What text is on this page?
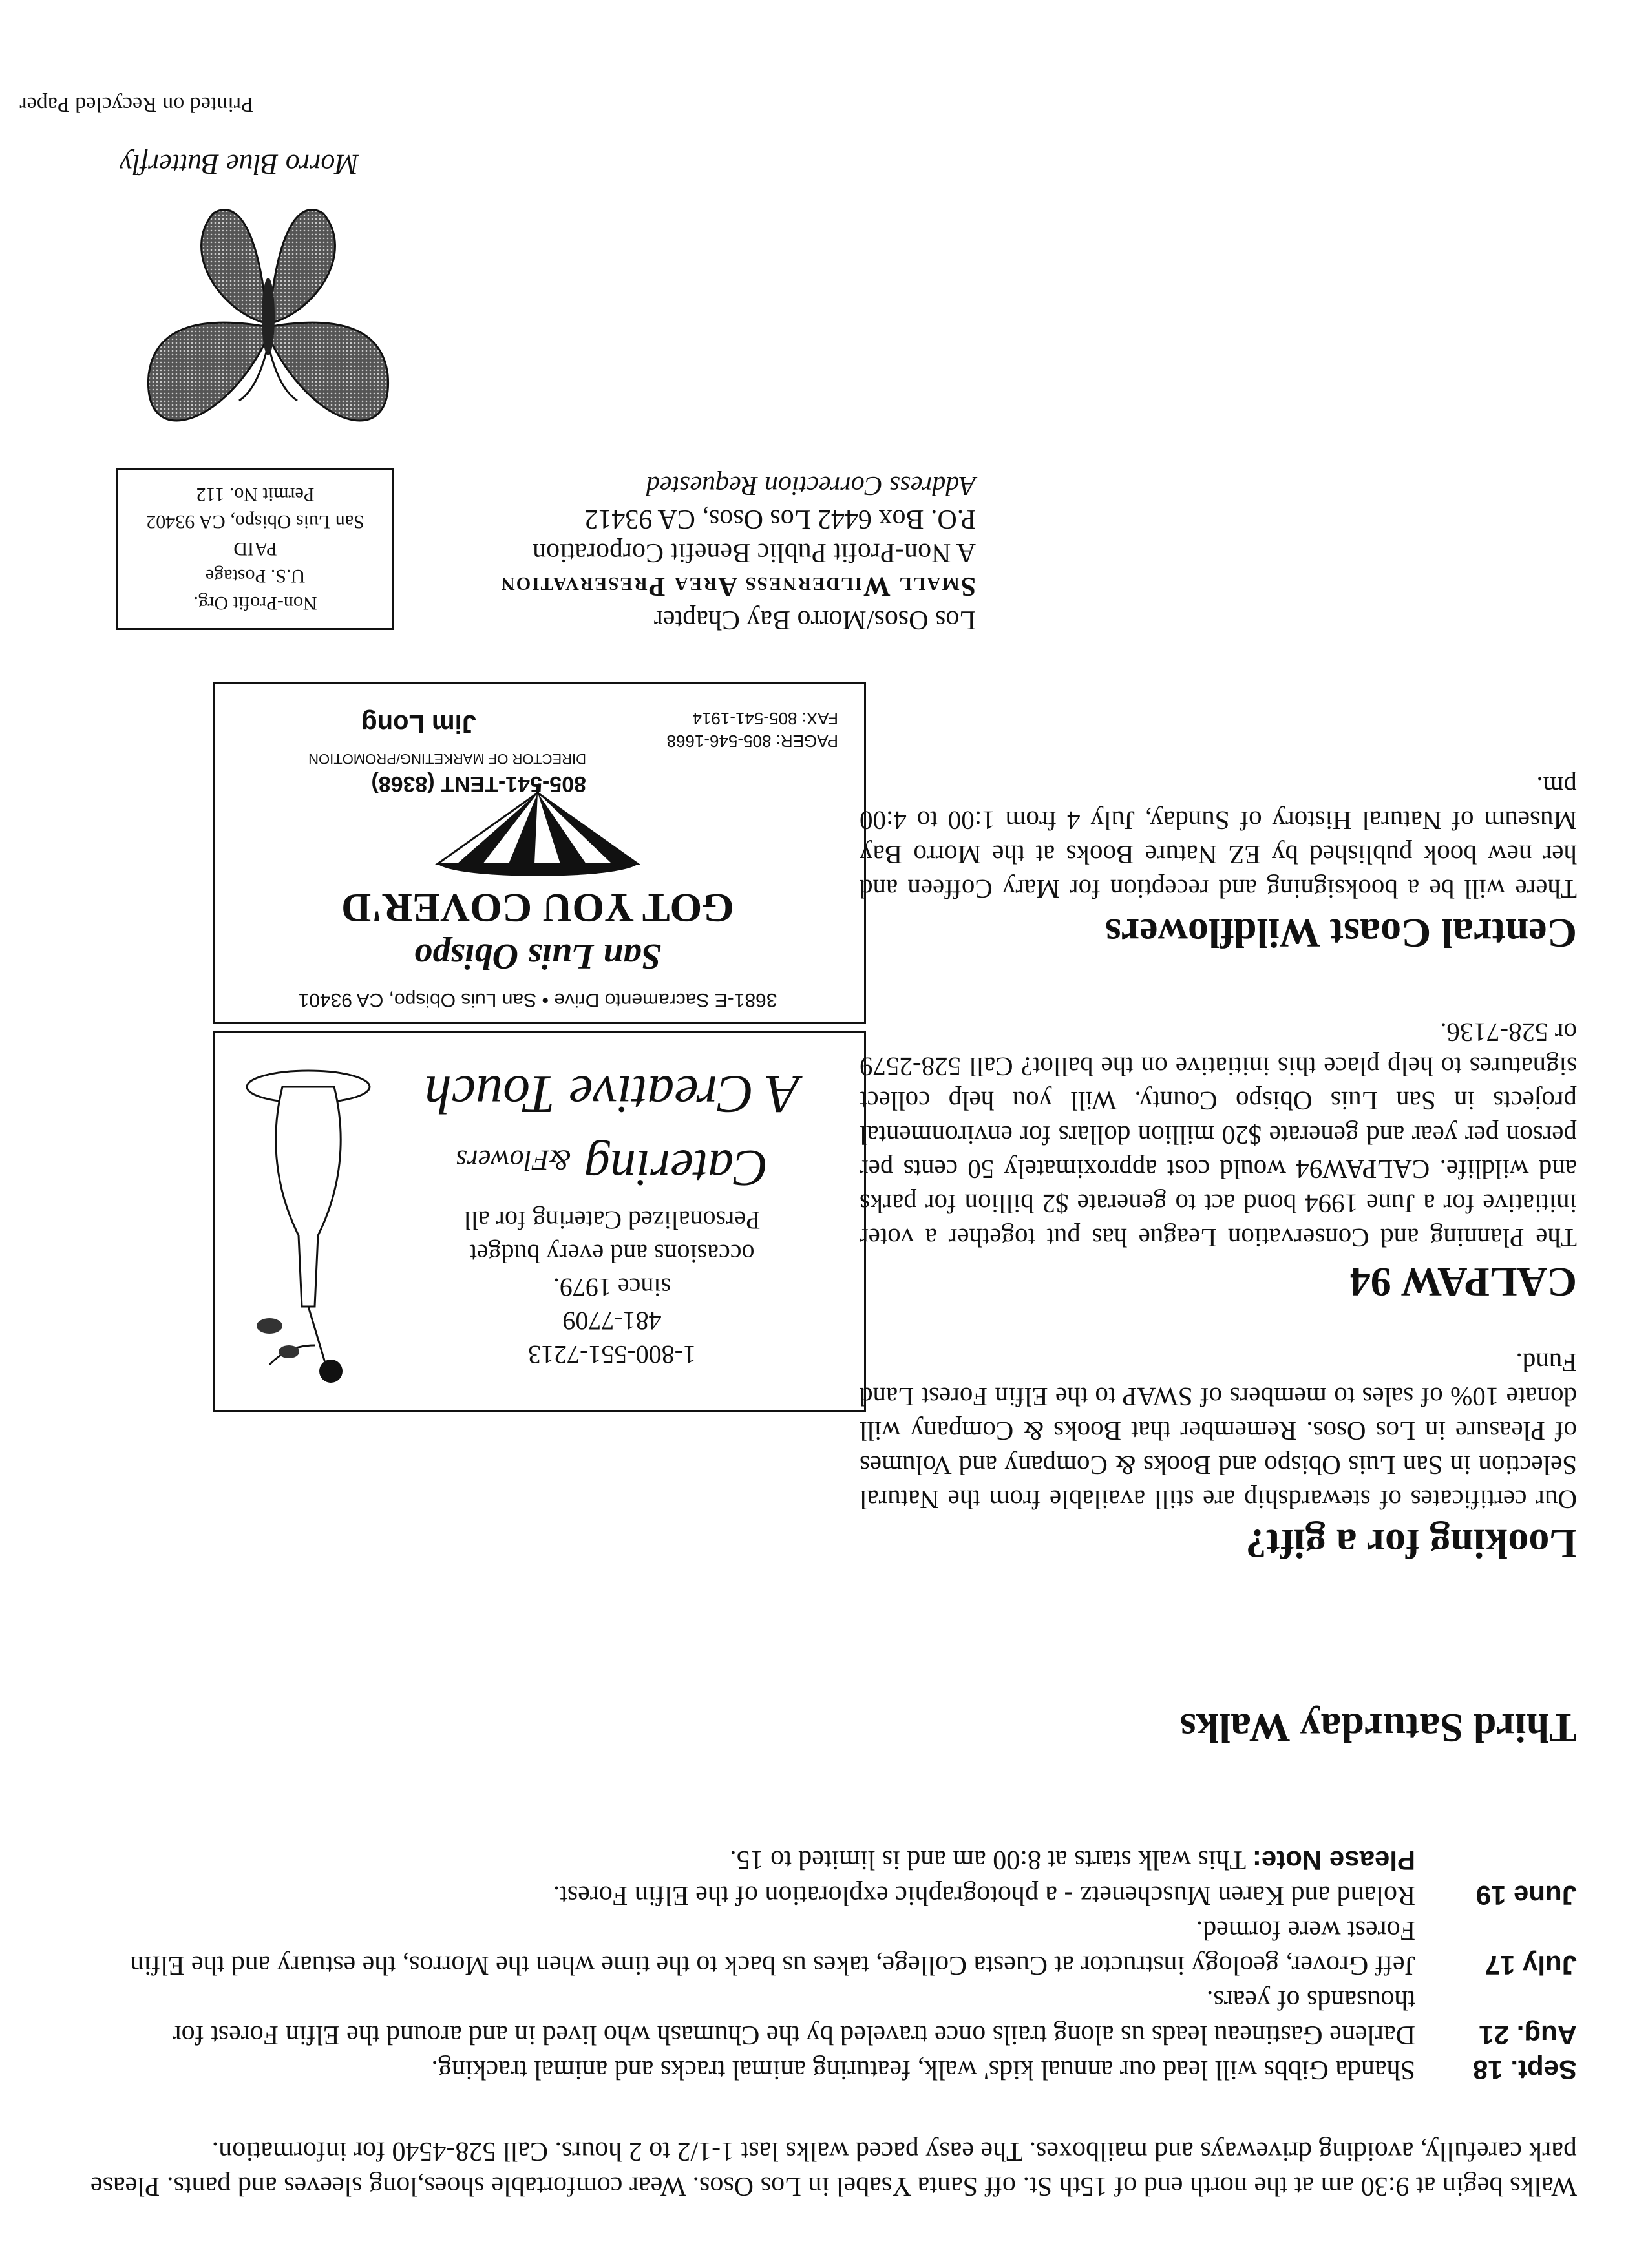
Printed on Recycled Paper
Morro Blue Butterfly
Los Osos/Morro Bay Chapter
Small Wilderness Area Preservation
A Non-Profit Public Benefit Corporation
P.O. Box 6442 Los Osos, CA 93412
Address Correction Requested
Non-Profit Org.
U.S. Postage
PAID
San Luis Obispo, CA 93402
Permit No. 112
Central Coast Wildflowers

There will be a booksigning and reception for Mary Coffeen and her new book published by EZ Nature Books at the Morro Bay Museum of Natural History of Sunday, July 4 from 1:00 to 4:00 pm.

CALPAW 94

The Planning and Conservation League has put together a voter initiative for a June 1994 bond act to generate $2 billion for parks and wildlife. CALPAW94 would cost approximately 50 cents per person per year and generate $20 million dollars for environmental projects in San Luis Obispo County. Will you help collect signatures to help place this initiative on the ballot? Call 528-2579 or 528-7136.

Looking for a gift?

Our certificates of stewardship are still available from the Natural Selection in San Luis Obispo and Books & Company and Volumes of Pleasure in Los Osos. Remember that Books & Company will donate 10% of sales to members of SWAP to the Elfin Forest Land Fund.

3681-E Sacramento Drive • San Luis Obispo, CA 93401
San Luis Obispo
GOT YOU COVER'D
805-541-TENT (8368)
DIRECTOR OF MARKETING/PROMOTION
PAGER: 805-546-1668
FAX: 805-541-1914
Jim Long
1-800-551-7213
481-7709
since 1979.
occasions and every budget
Personalized Catering for all
Catering &Flowers
A Creative Touch
Walks begin at 9:30 am at the north end of 15th St. off Santa Ysabel in Los Osos. Wear comfortable shoes,long sleeves and pants. Please park carefully, avoiding driveways and mailboxes. The easy paced walks last 1-1/2 to 2 hours. Call 528-4540 for information.
Sept. 18
Shanda Gibbs will lead our annual kids' walk, featuring animal tracks and animal tracking.
Aug. 21
Darlene Gastineau leads us along trails once traveled by the Chumash who lived in and around the Elfin Forest for thousands of years.
July 17
Jeff Grover, geology instructor at Cuesta College, takes us back to the time when the Morros, the estuary and the Elfin Forest were formed.
June 19
Roland and Karen Muschenetz - a photographic exploration of the Elfin Forest.
Please Note: This walk starts at 8:00 am and is limited to 15.
Third Saturday Walks
